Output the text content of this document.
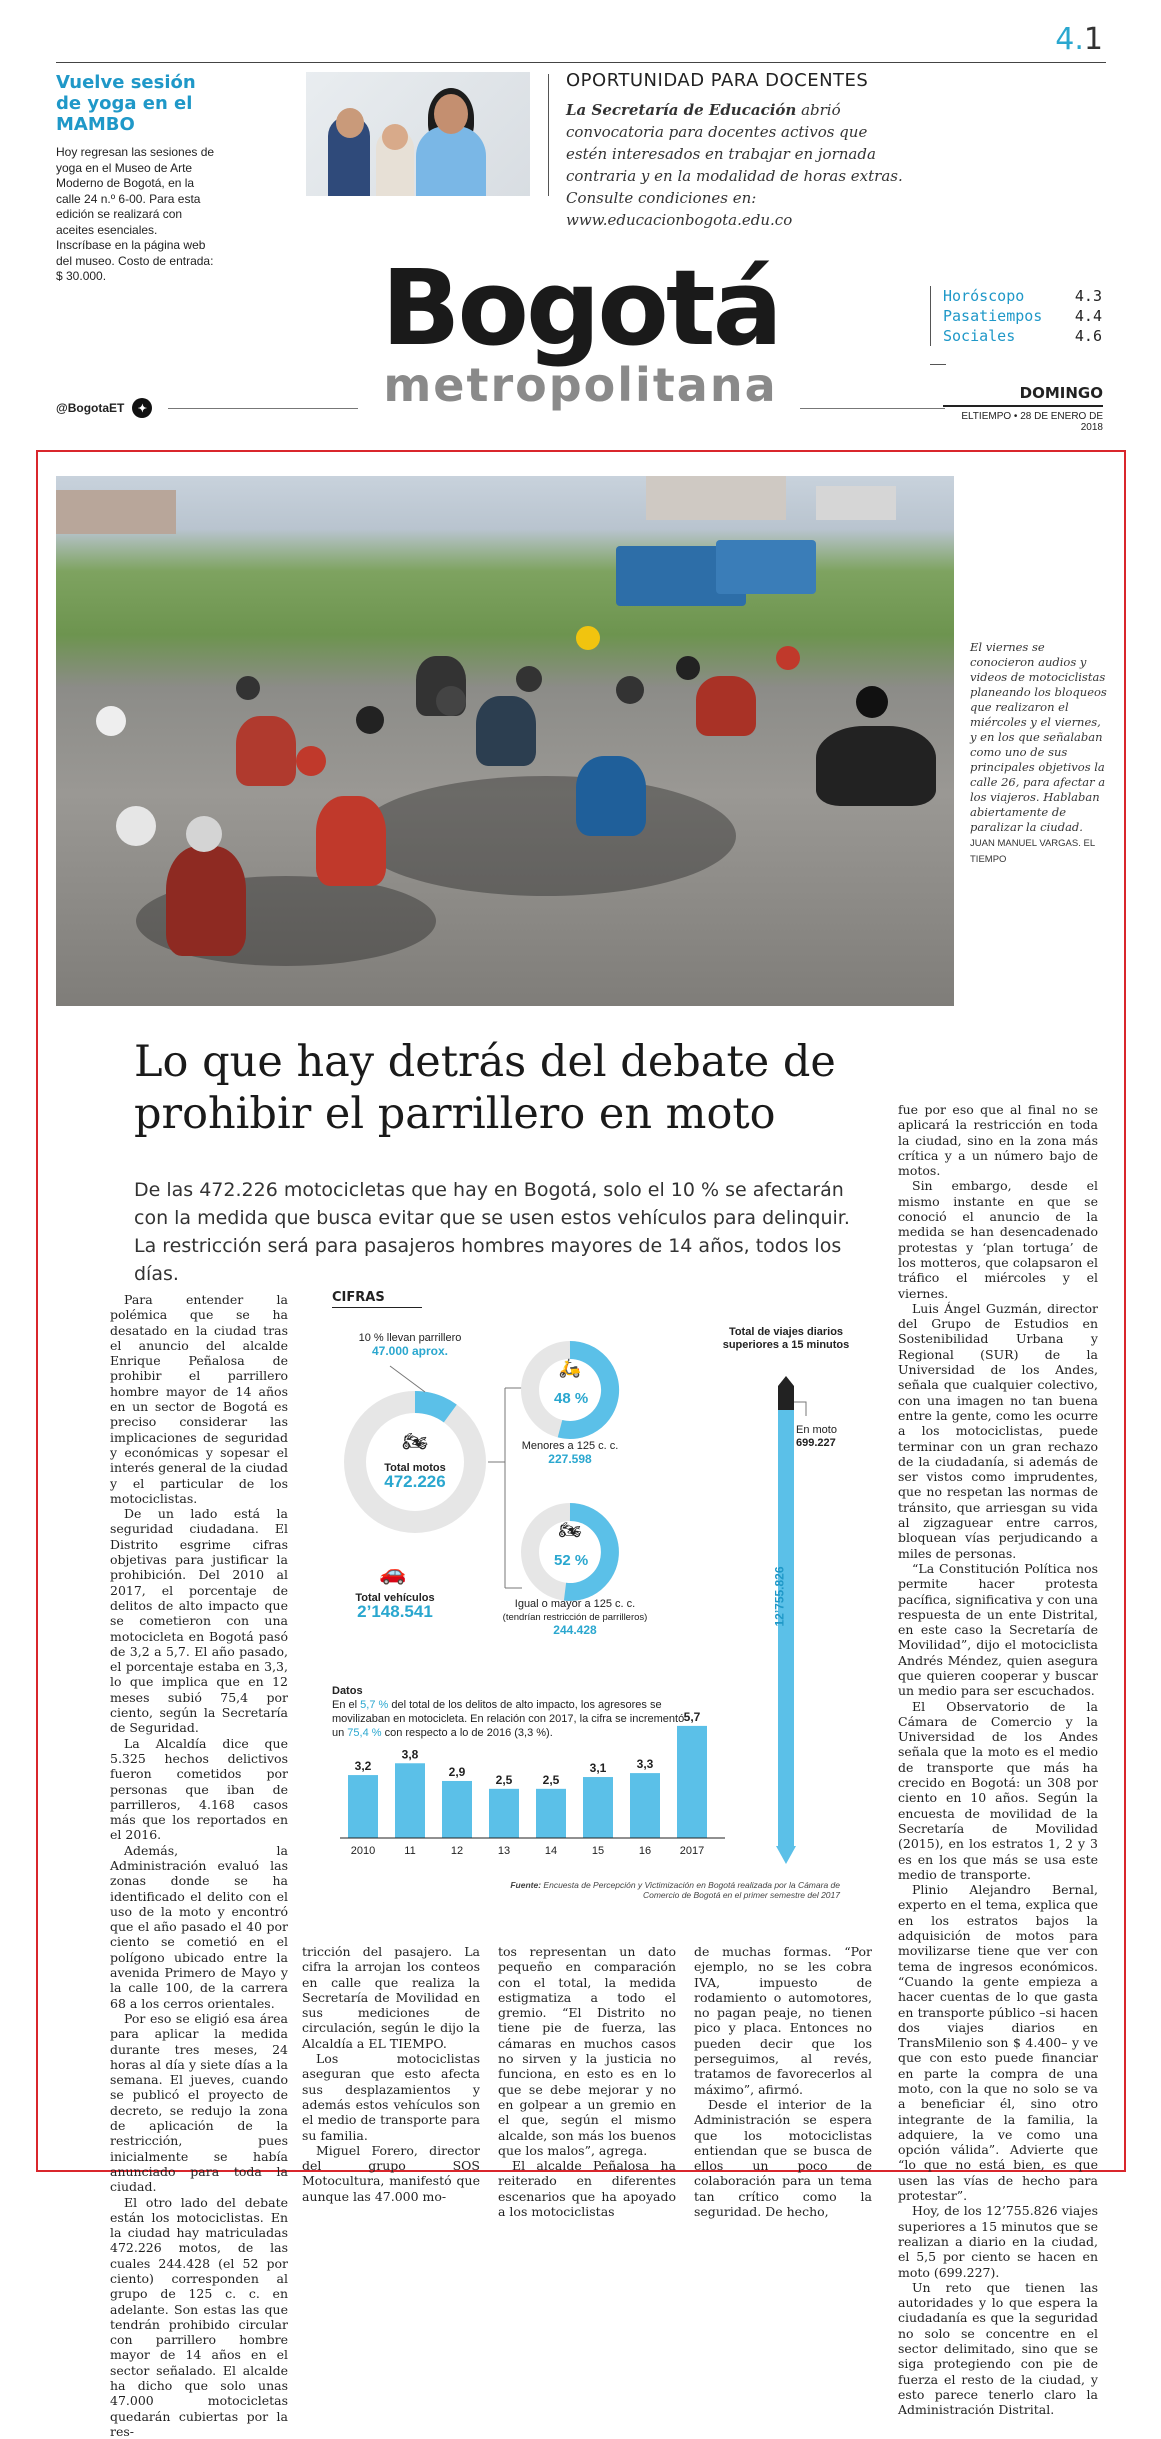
4.1
Vuelve sesión de yoga en el MAMBO

Hoy regresan las sesiones de yoga en el Museo de Arte Moderno de Bogotá, en la calle 24 n.º 6-00. Para esta edición se realizará con aceites esenciales. Inscríbase en la página web del museo. Costo de entrada: $ 30.000.

OPORTUNIDAD PARA DOCENTES

La Secretaría de Educación abrió convocatoria para docentes activos que estén interesados en trabajar en jornada contraria y en la modalidad de horas extras. Consulte condiciones en: www.educacionbogota.edu.co

Bogotá
metropolitana
Horóscopo	4.3
Pasatiempos 4.4
Sociales	4.6
@BogotaET	✦
DOMINGO
ELTIEMPO • 28 DE ENERO DE 2018
El viernes se conocieron audios y videos de motociclistas planeando los bloqueos que realizaron el miércoles y el viernes, y en los que señalaban como uno de sus principales objetivos la calle 26, para afectar a los viajeros. Hablaban abiertamente de paralizar la ciudad. JUAN MANUEL VARGAS. EL TIEMPO
Lo que hay detrás del debate de prohibir el parrillero en moto

De las 472.226 motocicletas que hay en Bogotá, solo el 10 % se afectarán con la medida que busca evitar que se usen estos vehículos para delinquir. La restricción será para pasajeros hombres mayores de 14 años, todos los días.

Para entender la polémica que se ha desatado en la ciudad tras el anuncio del alcalde Enrique Peñalosa de prohibir el parrillero hombre mayor de 14 años en un sector de Bogotá es preciso considerar las implicaciones de seguridad y económicas y sopesar el interés general de la ciudad y el particular de los motociclistas.

De un lado está la seguridad ciudadana. El Distrito esgrime cifras objetivas para justificar la prohibición. Del 2010 al 2017, el porcentaje de delitos de alto impacto que se cometieron con una motocicleta en Bogotá pasó de 3,2 a 5,7. El año pasado, el porcentaje estaba en 3,3, lo que implica que en 12 meses subió 75,4 por ciento, según la Secretaría de Seguridad.

La Alcaldía dice que 5.325 hechos delictivos fueron cometidos por personas que iban de parrilleros, 4.168 casos más que los reportados en el 2016.

Además, la Administración evaluó las zonas donde se ha identificado el delito con el uso de la moto y encontró que el año pasado el 40 por ciento se cometió en el polígono ubicado entre la avenida Primero de Mayo y la calle 100, de la carrera 68 a los cerros orientales.

Por eso se eligió esa área para aplicar la medida durante tres meses, 24 horas al día y siete días a la semana. El jueves, cuando se publicó el proyecto de decreto, se redujo la zona de aplicación de la restricción, pues inicialmente se había anunciado para toda la ciudad.

El otro lado del debate están los motociclistas. En la ciudad hay matriculadas 472.226 motos, de las cuales 244.428 (el 52 por ciento) corresponden al grupo de 125 c. c. en adelante. Son estas las que tendrán prohibido circular con parrillero hombre mayor de 14 años en el sector señalado. El alcalde ha dicho que solo unas 47.000 motocicletas quedarán cubiertas por la res-

tricción del pasajero. La cifra la arrojan los conteos en calle que realiza la Secretaría de Movilidad en sus mediciones de circulación, según le dijo la Alcaldía a EL TIEMPO.

Los motociclistas aseguran que esto afecta sus desplazamientos y además estos vehículos son el medio de transporte para su familia.

Miguel Forero, director del grupo SOS Motocultura, manifestó que aunque las 47.000 mo-

tos representan un dato pequeño en comparación con el total, la medida estigmatiza a todo el gremio. “El Distrito no tiene pie de fuerza, las cámaras en muchos casos no sirven y la justicia no funciona, en esto es en lo que se debe mejorar y no en golpear a un gremio en el que, según el mismo alcalde, son más los buenos que los malos”, agrega.

El alcalde Peñalosa ha reiterado en diferentes escenarios que ha apoyado a los motociclistas

de muchas formas. “Por ejemplo, no se les cobra IVA, impuesto de rodamiento o automotores, no pagan peaje, no tienen pico y placa. Entonces no pueden decir que los perseguimos, al revés, tratamos de favorecerlos al máximo”, afirmó.

Desde el interior de la Administración se espera que los motociclistas entiendan que se busca de ellos un poco de colaboración para un tema tan crítico como la seguridad. De hecho,

fue por eso que al final no se aplicará la restricción en toda la ciudad, sino en la zona más crítica y a un número bajo de motos.

Sin embargo, desde el mismo instante en que se conoció el anuncio de la medida se han desencadenado protestas y ‘plan tortuga’ de los motteros, que colapsaron el tráfico el miércoles y el viernes.

Luis Ángel Guzmán, director del Grupo de Estudios en Sostenibilidad Urbana y Regional (SUR) de la Universidad de los Andes, señala que cualquier colectivo, con una imagen no tan buena entre la gente, como les ocurre a los motociclistas, puede terminar con un gran rechazo de la ciudadanía, si además de ser vistos como imprudentes, que no respetan las normas de tránsito, que arriesgan su vida al zigzaguear entre carros, bloquean vías perjudicando a miles de personas.

“La Constitución Política nos permite hacer protesta pacífica, significativa y con una respuesta de un ente Distrital, en este caso la Secretaría de Movilidad”, dijo el motociclista Andrés Méndez, quien asegura que quieren cooperar y buscar un medio para ser escuchados.

El Observatorio de la Cámara de Comercio y la Universidad de los Andes señala que la moto es el medio de transporte que más ha crecido en Bogotá: un 308 por ciento en 10 años. Según la encuesta de movilidad de la Secretaría de Movilidad (2015), en los estratos 1, 2 y 3 es en los que más se usa este medio de transporte.

Plinio Alejandro Bernal, experto en el tema, explica que en los estratos bajos la adquisición de motos para movilizarse tiene que ver con tema de ingresos económicos. “Cuando la gente empieza a hacer cuentas de lo que gasta en transporte público –si hacen dos viajes diarios en TransMilenio son $ 4.400– y ve que con esto puede financiar en parte la compra de una moto, con la que no solo se va a beneficiar él, sino otro integrante de la familia, la adquiere, la ve como una opción válida”. Advierte que “lo que no está bien, es que usen las vías de hecho para protestar”.

Hoy, de los 12’755.826 viajes superiores a 15 minutos que se realizan a diario en la ciudad, el 5,5 por ciento se hacen en moto (699.227).

Un reto que tienen las autoridades y lo que espera la ciudadanía es que la seguridad no solo se concentre en el sector delimitado, sino que se siga protegiendo con pie de fuerza el resto de la ciudad, y esto parece tenerlo claro la Administración Distrital.

CIFRAS
3,2
2010
3,8
11
2,9
12
2,5
13
2,5
14
3,1
15
3,3
16
5,7
2017
10 % llevan parrillero
47.000 aprox.
🏍
Total motos
472.226
🚗
Total vehículos
2’148.541
🛵
48 %
Menores a 125 c. c.
227.598
🏍
52 %
Igual o mayor a 125 c. c.
(tendrían restricción de parrilleros)
244.428
Total de viajes diarios superiores a 15 minutos
12’755.826
En moto
699.227
Datos
En el 5,7 % del total de los delitos de alto impacto, los agresores se movilizaban en motocicleta. En relación con 2017, la cifra se incrementó un 75,4 % con respecto a lo de 2016 (3,3 %).
Fuente: Encuesta de Percepción y Victimización en Bogotá realizada por la Cámara de Comercio de Bogotá en el primer semestre del 2017
